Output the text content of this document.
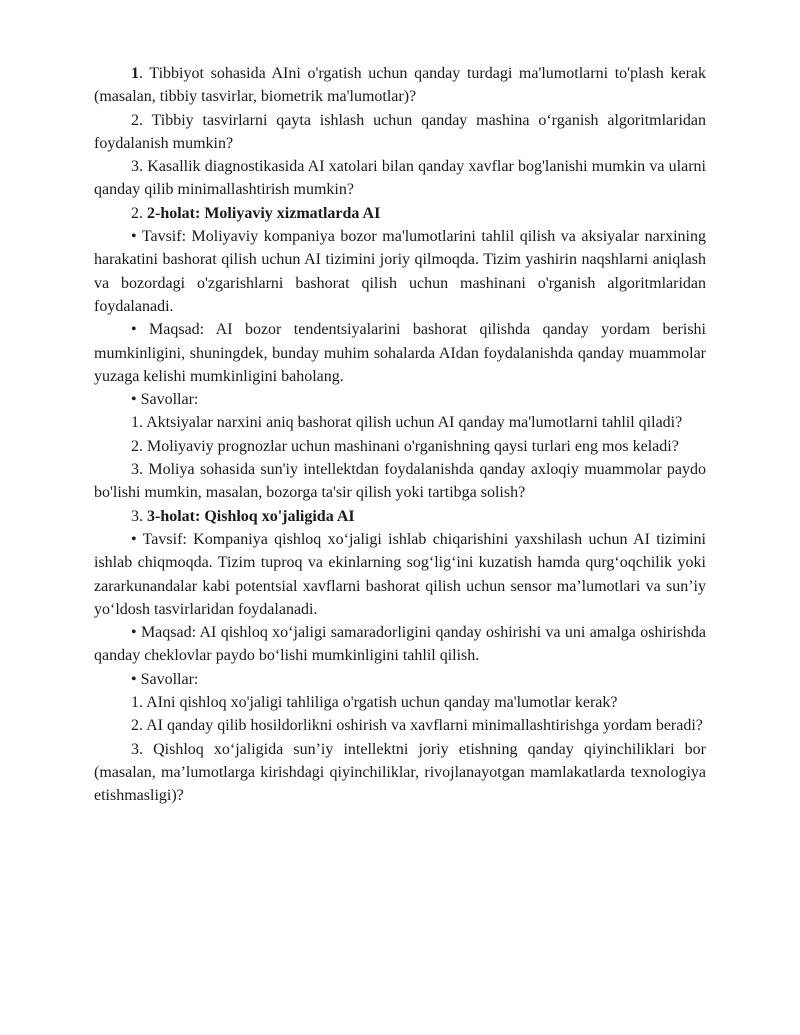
1. Tibbiyot sohasida AIni o'rgatish uchun qanday turdagi ma'lumotlarni to'plash kerak (masalan, tibbiy tasvirlar, biometrik ma'lumotlar)?

2. Tibbiy tasvirlarni qayta ishlash uchun qanday mashina o‘rganish algoritmlaridan foydalanish mumkin?

3. Kasallik diagnostikasida AI xatolari bilan qanday xavflar bog'lanishi mumkin va ularni qanday qilib minimallashtirish mumkin?

2. 2-holat: Moliyaviy xizmatlarda AI

• Tavsif: Moliyaviy kompaniya bozor ma'lumotlarini tahlil qilish va aksiyalar narxining harakatini bashorat qilish uchun AI tizimini joriy qilmoqda. Tizim yashirin naqshlarni aniqlash va bozordagi o'zgarishlarni bashorat qilish uchun mashinani o'rganish algoritmlaridan foydalanadi.

• Maqsad: AI bozor tendentsiyalarini bashorat qilishda qanday yordam berishi mumkinligini, shuningdek, bunday muhim sohalarda AIdan foydalanishda qanday muammolar yuzaga kelishi mumkinligini baholang.

• Savollar:

1. Aktsiyalar narxini aniq bashorat qilish uchun AI qanday ma'lumotlarni tahlil qiladi?

2. Moliyaviy prognozlar uchun mashinani o'rganishning qaysi turlari eng mos keladi?

3. Moliya sohasida sun'iy intellektdan foydalanishda qanday axloqiy muammolar paydo bo'lishi mumkin, masalan, bozorga ta'sir qilish yoki tartibga solish?

3. 3-holat: Qishloq xo'jaligida AI

• Tavsif: Kompaniya qishloq xo‘jaligi ishlab chiqarishini yaxshilash uchun AI tizimini ishlab chiqmoqda. Tizim tuproq va ekinlarning sog‘lig‘ini kuzatish hamda qurg‘oqchilik yoki zararkunandalar kabi potentsial xavflarni bashorat qilish uchun sensor ma’lumotlari va sun’iy yo‘ldosh tasvirlaridan foydalanadi.

• Maqsad: AI qishloq xo‘jaligi samaradorligini qanday oshirishi va uni amalga oshirishda qanday cheklovlar paydo bo‘lishi mumkinligini tahlil qilish.

• Savollar:

1. AIni qishloq xo'jaligi tahliliga o'rgatish uchun qanday ma'lumotlar kerak?

2. AI qanday qilib hosildorlikni oshirish va xavflarni minimallashtirishga yordam beradi?

3. Qishloq xo‘jaligida sun’iy intellektni joriy etishning qanday qiyinchiliklari bor (masalan, ma’lumotlarga kirishdagi qiyinchiliklar, rivojlanayotgan mamlakatlarda texnologiya etishmasligi)?
